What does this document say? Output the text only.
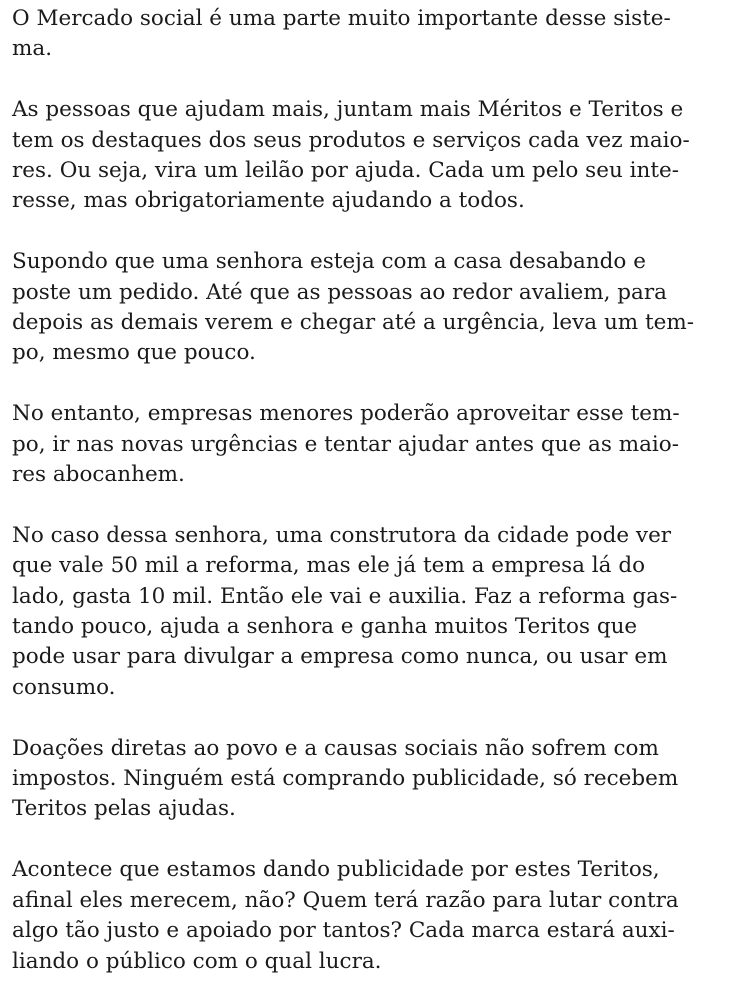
O Mercado social é uma parte muito importante desse siste-
ma.

As pessoas que ajudam mais, juntam mais Méritos e Teritos e
tem os destaques dos seus produtos e serviços cada vez maio-
res. Ou seja, vira um leilão por ajuda. Cada um pelo seu inte-
resse, mas obrigatoriamente ajudando a todos.

Supondo que uma senhora esteja com a casa desabando e
poste um pedido. Até que as pessoas ao redor avaliem, para
depois as demais verem e chegar até a urgência, leva um tem-
po, mesmo que pouco.

No entanto, empresas menores poderão aproveitar esse tem-
po, ir nas novas urgências e tentar ajudar antes que as maio-
res abocanhem.

No caso dessa senhora, uma construtora da cidade pode ver
que vale 50 mil a reforma, mas ele já tem a empresa lá do
lado, gasta 10 mil. Então ele vai e auxilia. Faz a reforma gas-
tando pouco, ajuda a senhora e ganha muitos Teritos que
pode usar para divulgar a empresa como nunca, ou usar em
consumo.

Doações diretas ao povo e a causas sociais não sofrem com
impostos. Ninguém está comprando publicidade, só recebem
Teritos pelas ajudas.

Acontece que estamos dando publicidade por estes Teritos,
afinal eles merecem, não? Quem terá razão para lutar contra
algo tão justo e apoiado por tantos? Cada marca estará auxi-
liando o público com o qual lucra.
